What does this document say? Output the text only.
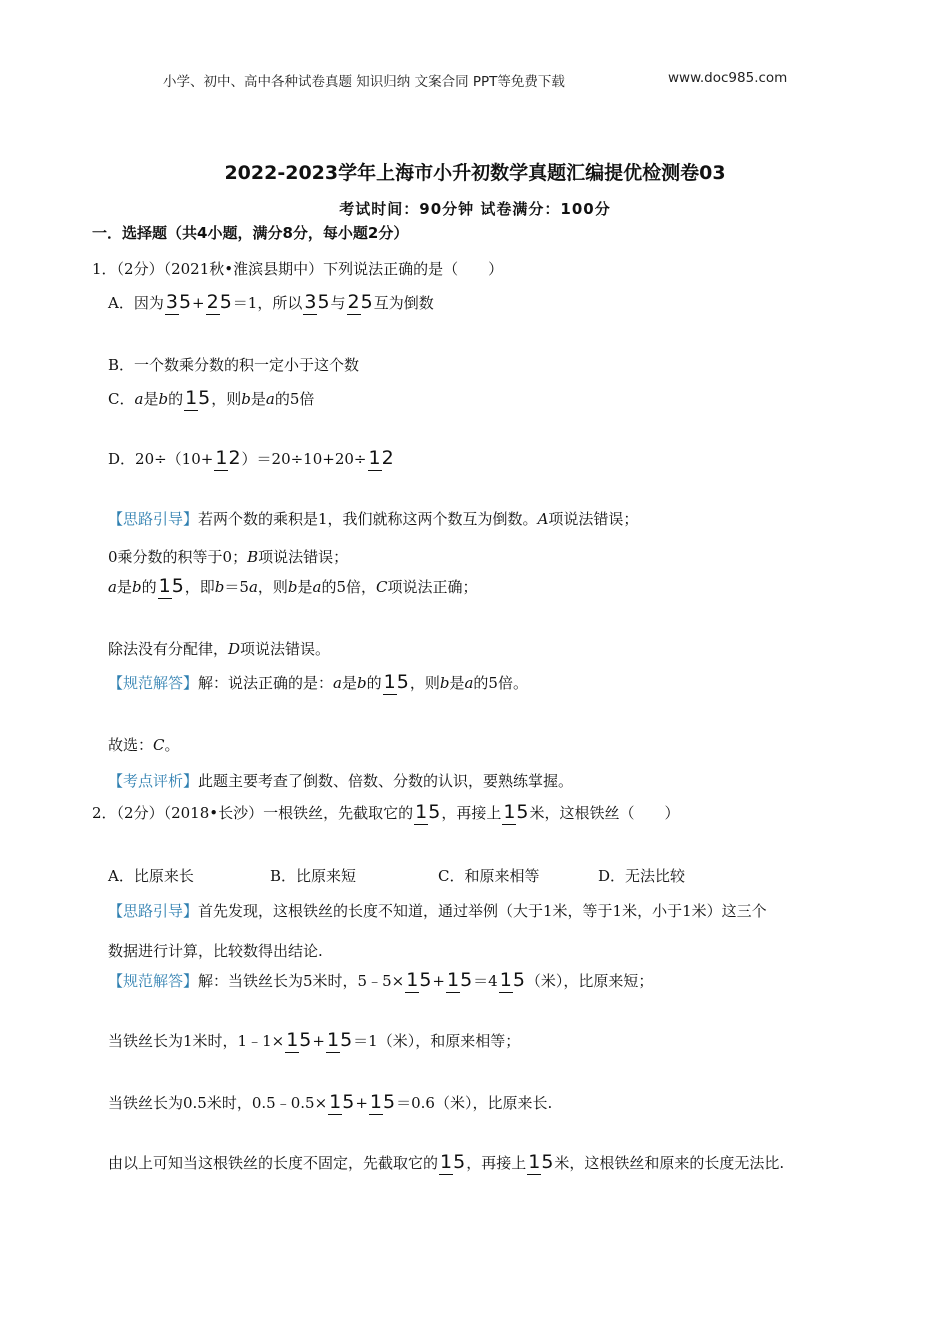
小学、初中、高中各种试卷真题 知识归纳 文案合同 PPT等免费下载	www.doc985.com
2022-2023学年上海市小升初数学真题汇编提优检测卷03
考试时间：90分钟 试卷满分：100分
一．选择题（共4小题，满分8分，每小题2分）
1．（2分）（2021秋•淮滨县期中）下列说法正确的是（　　）
A．因为 35 + 25 ＝1，所以 35 与 25 互为倒数
B．一个数乘分数的积一定小于这个数
C． a 是 b 的 15 ，则 b 是 a 的5倍
D．20÷（10+ 12 ）＝20÷10+20÷ 12
【思路引导】 若两个数的乘积是1，我们就称这两个数互为倒数。 A 项说法错误；
0乘分数的积等于0； B 项说法错误；
a 是 b 的 15 ，即 b ＝5 a ，则 b 是 a 的5倍， C 项说法正确；
除法没有分配律， D 项说法错误。
【规范解答】 解：说法正确的是： a 是 b 的 15 ，则 b 是 a 的5倍。
故选： C 。
【考点评析】 此题主要考查了倒数、倍数、分数的认识，要熟练掌握。
2．（2分）（2018•长沙）一根铁丝，先截取它的 15 ，再接上 15 米，这根铁丝（　　）
A．比原来长	B．比原来短	C．和原来相等	D．无法比较
【思路引导】 首先发现，这根铁丝的长度不知道，通过举例（大于1米，等于1米，小于1米）这三个
数据进行计算，比较数得出结论.
【规范解答】 解：当铁丝长为5米时，5﹣5× 15 + 15 ＝4 15 （米），比原来短；
当铁丝长为1米时，1﹣1× 15 + 15 ＝1（米），和原来相等；
当铁丝长为0.5米时，0.5﹣0.5× 15 + 15 ＝0.6（米），比原来长.
由以上可知当这根铁丝的长度不固定，先截取它的 15 ，再接上 15 米，这根铁丝和原来的长度无法比.
